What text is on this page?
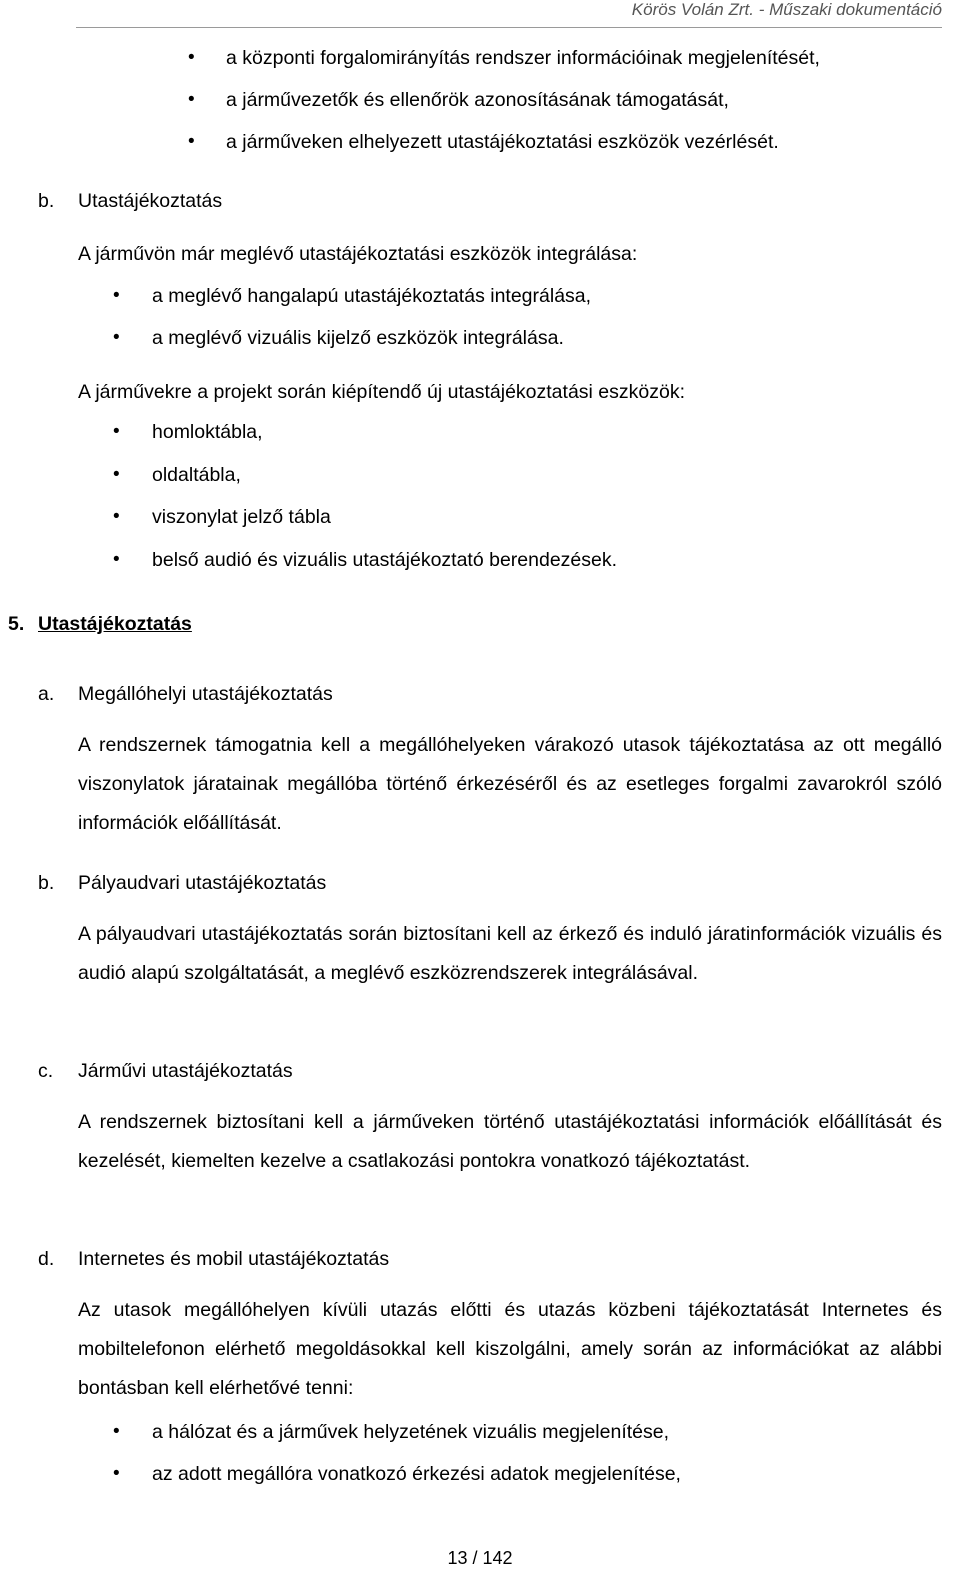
Körös Volán Zrt. - Műszaki dokumentáció
• a központi forgalomirányítás rendszer információinak megjelenítését,
• a járművezetők és ellenőrök azonosításának támogatását,
• a járműveken elhelyezett utastájékoztatási eszközök vezérlését.
b. Utastájékoztatás
A járművön már meglévő utastájékoztatási eszközök integrálása:
• a meglévő hangalapú utastájékoztatás integrálása,
• a meglévő vizuális kijelző eszközök integrálása.
A járművekre a projekt során kiépítendő új utastájékoztatási eszközök:
• homloktábla,
• oldaltábla,
• viszonylat jelző tábla
• belső audió és vizuális utastájékoztató berendezések.
5. Utastájékoztatás
a. Megállóhelyi utastájékoztatás
A rendszernek támogatnia kell a megállóhelyeken várakozó utasok tájékoztatása az ott megálló viszonylatok járatainak megállóba történő érkezéséről és az esetleges forgalmi zavarokról szóló információk előállítását.
b. Pályaudvari utastájékoztatás
A pályaudvari utastájékoztatás során biztosítani kell az érkező és induló járatinformációk vizuális és audió alapú szolgáltatását, a meglévő eszközrendszerek integrálásával.
c. Járművi utastájékoztatás
A rendszernek biztosítani kell a járműveken történő utastájékoztatási információk előállítását és kezelését, kiemelten kezelve a csatlakozási pontokra vonatkozó tájékoztatást.
d. Internetes és mobil utastájékoztatás
Az utasok megállóhelyen kívüli utazás előtti és utazás közbeni tájékoztatását Internetes és mobiltelefonon elérhető megoldásokkal kell kiszolgálni, amely során az információkat az alábbi bontásban kell elérhetővé tenni:
• a hálózat és a járművek helyzetének vizuális megjelenítése,
• az adott megállóra vonatkozó érkezési adatok megjelenítése,
13 / 142
